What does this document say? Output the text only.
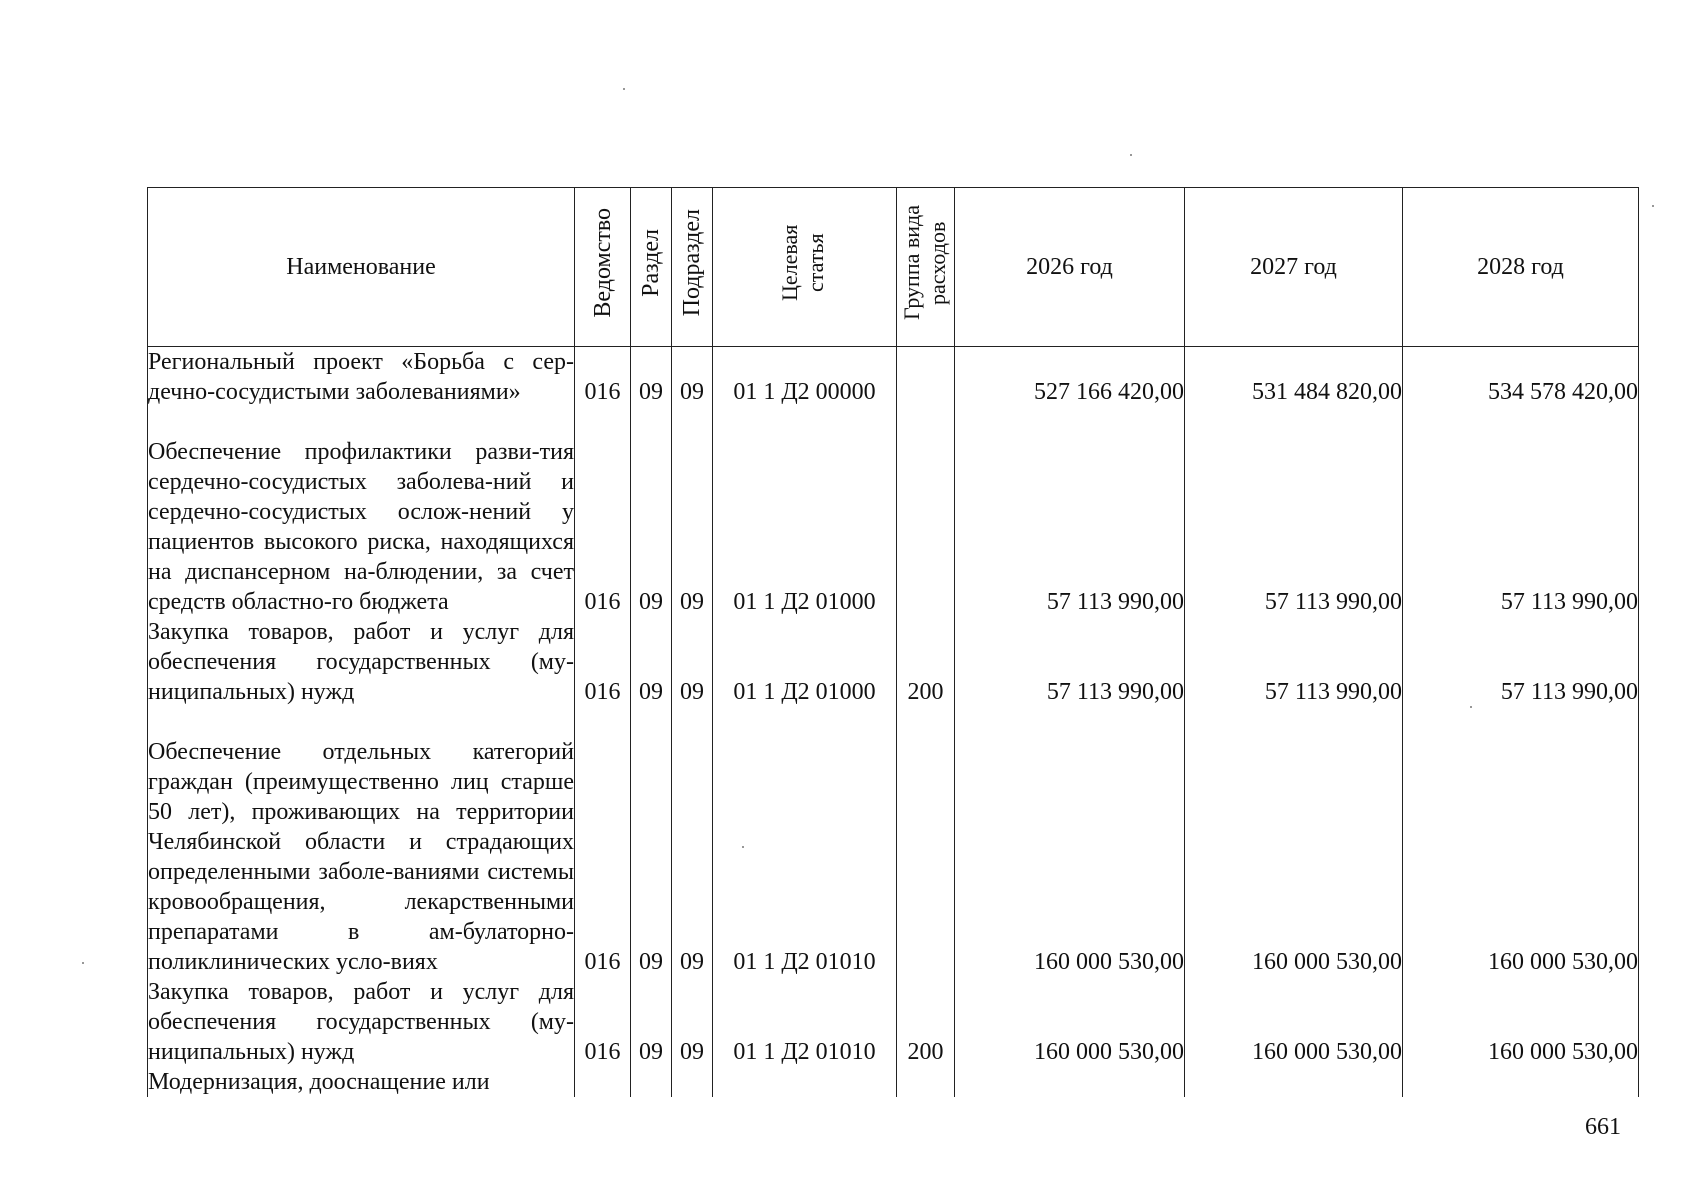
Наименование	Ведомство	Раздел	Подраздел	Целевая статья	Группа вида расходов	2026 год	2027 год	2028 год
Региональный проект «Борьба с сер-дечно-сосудистыми заболеваниями»	016	09	09	01 1 Д2 00000		527 166 420,00	531 484 820,00	534 578 420,00
Обеспечение профилактики разви-тия сердечно-сосудистых заболева-ний и сердечно-сосудистых ослож-нений у пациентов высокого риска, находящихся на диспансерном на-блюдении, за счет средств областно-го бюджета	016	09	09	01 1 Д2 01000		57 113 990,00	57 113 990,00	57 113 990,00
Закупка товаров, работ и услуг для обеспечения государственных (му-ниципальных) нужд	016	09	09	01 1 Д2 01000	200	57 113 990,00	57 113 990,00	57 113 990,00
Обеспечение отдельных категорий граждан (преимущественно лиц старше 50 лет), проживающих на территории Челябинской области и страдающих определенными заболе-ваниями системы кровообращения, лекарственными препаратами в ам-булаторно-поликлинических усло-виях	016	09	09	01 1 Д2 01010		160 000 530,00	160 000 530,00	160 000 530,00
Закупка товаров, работ и услуг для обеспечения государственных (му-ниципальных) нужд	016	09	09	01 1 Д2 01010	200	160 000 530,00	160 000 530,00	160 000 530,00
Модернизация, дооснащение или								
661
